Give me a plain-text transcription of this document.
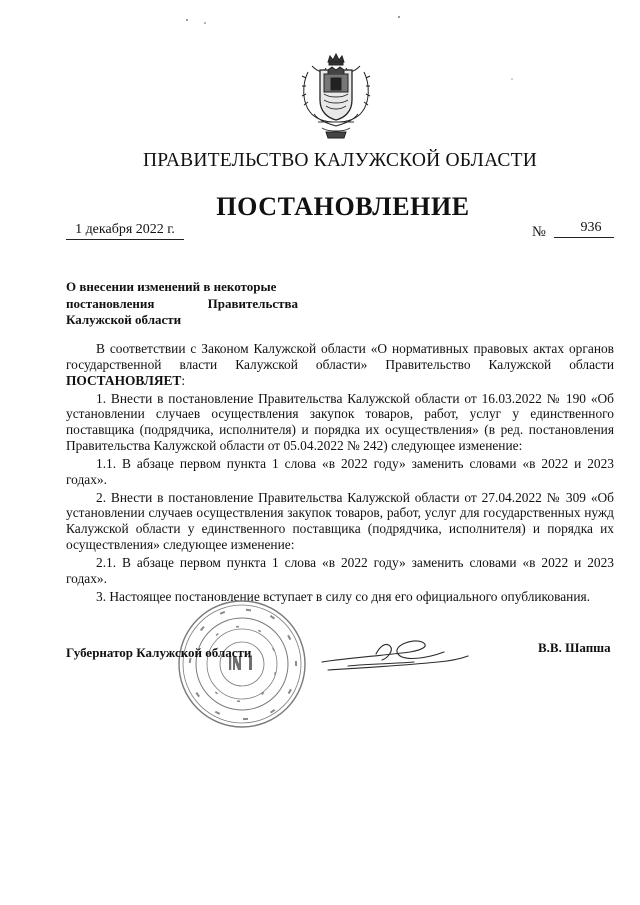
ПРАВИТЕЛЬСТВО КАЛУЖСКОЙ ОБЛАСТИ
ПОСТАНОВЛЕНИЕ
1 декабря 2022 г.	№	936
О внесении изменений в некоторые
постановления	Правительства
Калужской области

В соответствии с Законом Калужской области «О нормативных правовых актах органов государственной власти Калужской области» Правительство Калужской области ПОСТАНОВЛЯЕТ:

1. Внести в постановление Правительства Калужской области от 16.03.2022 № 190 «Об установлении случаев осуществления закупок товаров, работ, услуг у единственного поставщика (подрядчика, исполнителя) и порядка их осуществления» (в ред. постановления Правительства Калужской области от 05.04.2022 № 242) следующее изменение:

1.1. В абзаце первом пункта 1 слова «в 2022 году» заменить словами «в 2022 и 2023 годах».

2. Внести в постановление Правительства Калужской области от 27.04.2022 № 309 «Об установлении случаев осуществления закупок товаров, работ, услуг для государственных нужд Калужской области у единственного поставщика (подрядчика, исполнителя) и порядка их осуществления» следующее изменение:

2.1. В абзаце первом пункта 1 слова «в 2022 году» заменить словами «в 2022 и 2023 годах».

3. Настоящее постановление вступает в силу со дня его официального опубликования.

Губернатор Калужской области	В.В. Шапша
